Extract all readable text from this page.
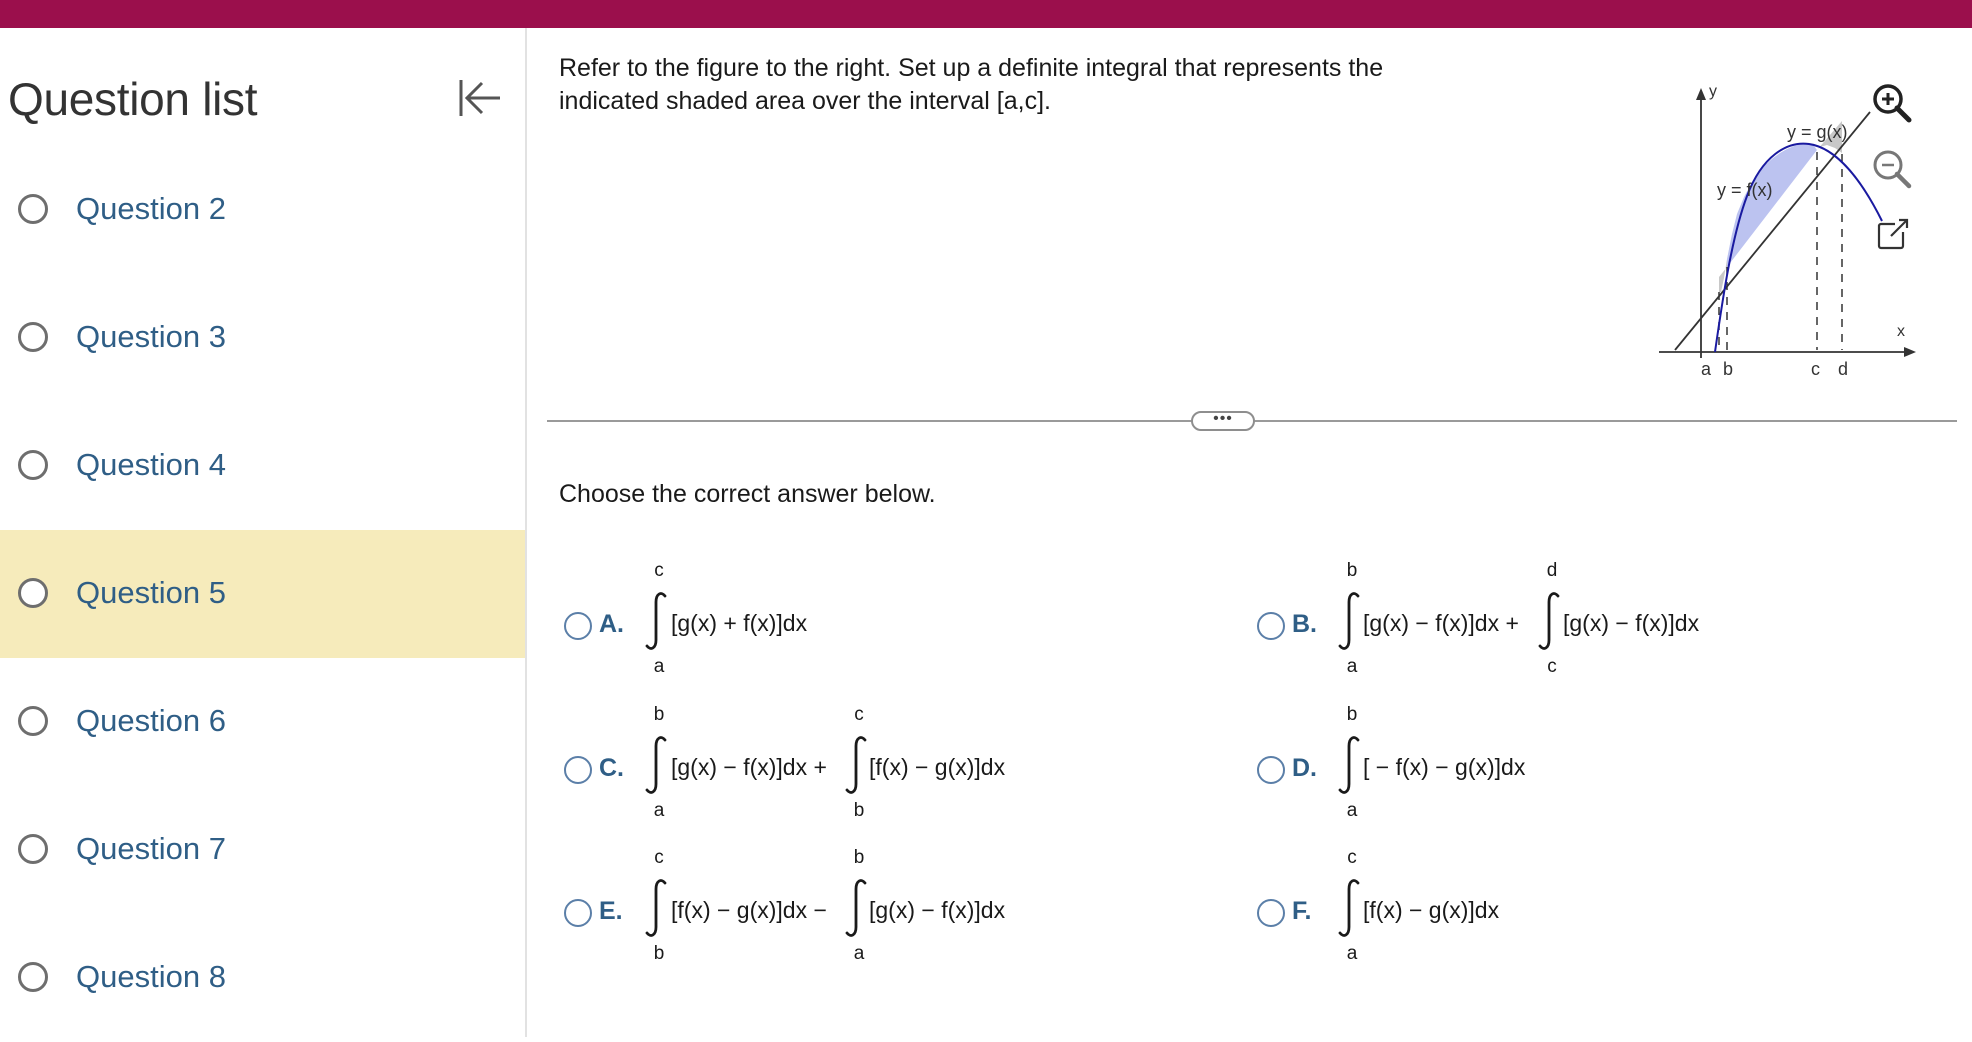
Question list
Question 2
Question 3
Question 4
Question 5
Question 6
Question 7
Question 8
Refer to the figure to the right. Set up a definite integral that represents the
indicated shaded area over the interval [a,c].	y
x
y = g(x)
y = f(x)
a b	c d
•••
Choose the correct answer below.
A.
c
a
[g(x) + f(x)]dx	B.
b
a
[g(x) − f(x)]dx +
d
c
[g(x) − f(x)]dx
C.
b
a
[g(x) − f(x)]dx +
c
b
[f(x) − g(x)]dx	D.
b
a
[ − f(x) − g(x)]dx
E.
c
b
[f(x) − g(x)]dx −
b
a
[g(x) − f(x)]dx	F.
c
a
[f(x) − g(x)]dx
